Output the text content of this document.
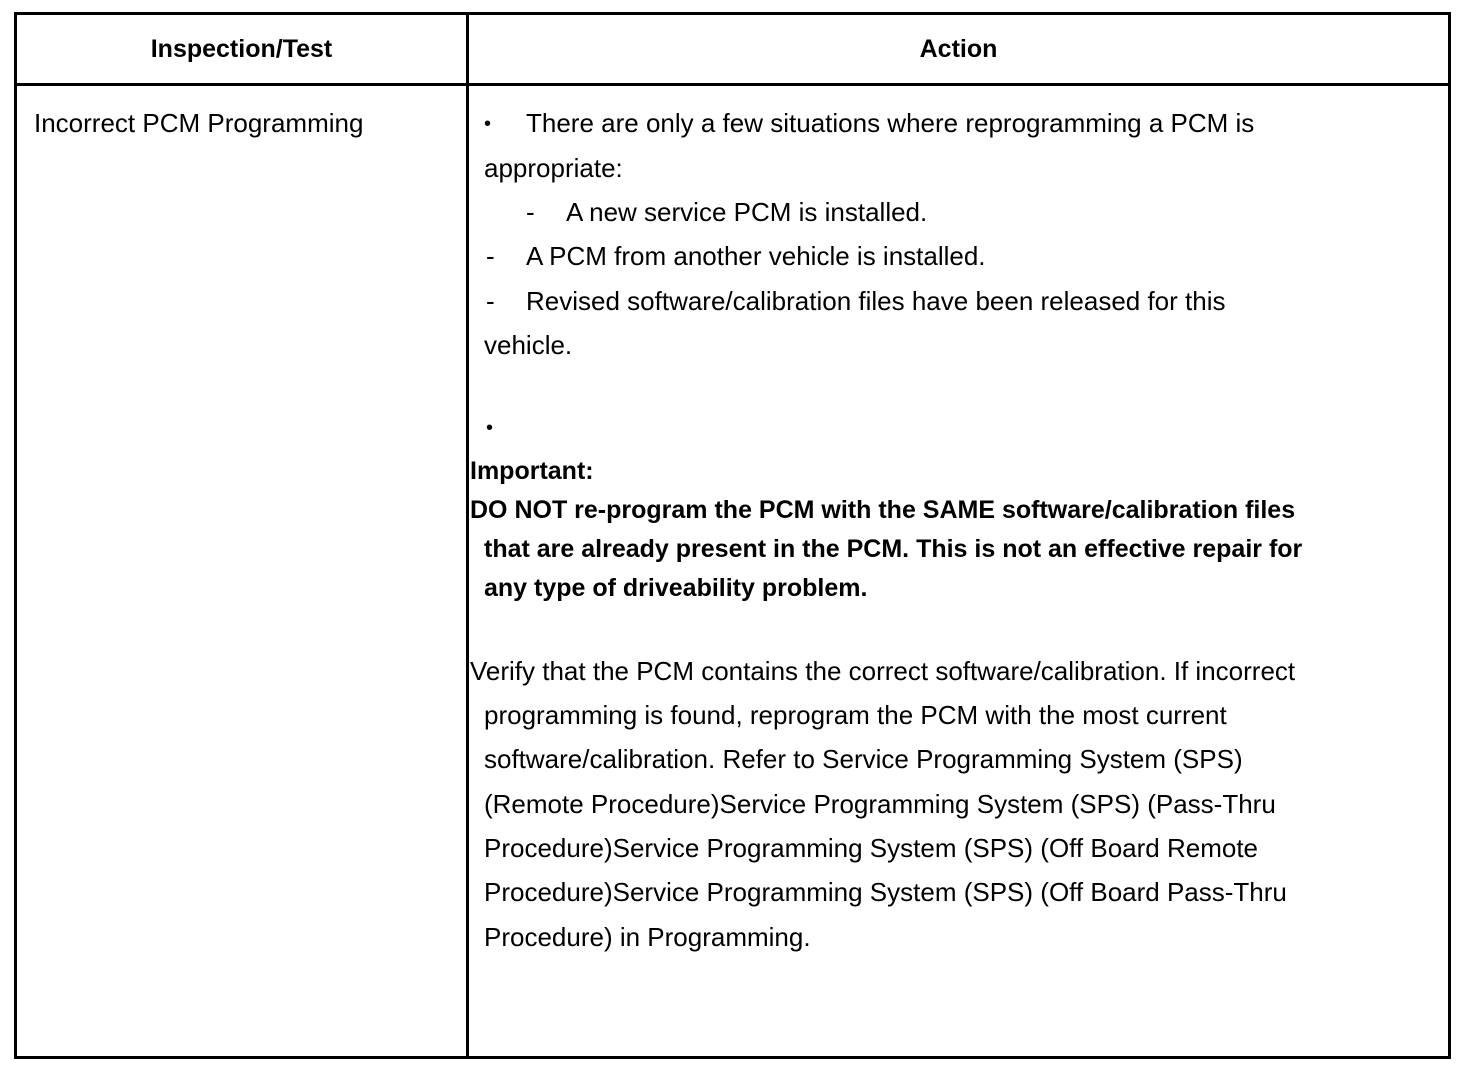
Inspection/Test	Action
Incorrect PCM Programming	• There are only a few situations where reprogramming a PCM is
appropriate:
- A new service PCM is installed.
- A PCM from another vehicle is installed.
- Revised software/calibration files have been released for this
vehicle.
•
Important:
DO NOT re-program the PCM with the SAME software/calibration files
that are already present in the PCM. This is not an effective repair for
any type of driveability problem.
Verify that the PCM contains the correct software/calibration. If incorrect
programming is found, reprogram the PCM with the most current
software/calibration. Refer to Service Programming System (SPS)
(Remote Procedure)Service Programming System (SPS) (Pass-Thru
Procedure)Service Programming System (SPS) (Off Board Remote
Procedure)Service Programming System (SPS) (Off Board Pass-Thru
Procedure) in Programming.
